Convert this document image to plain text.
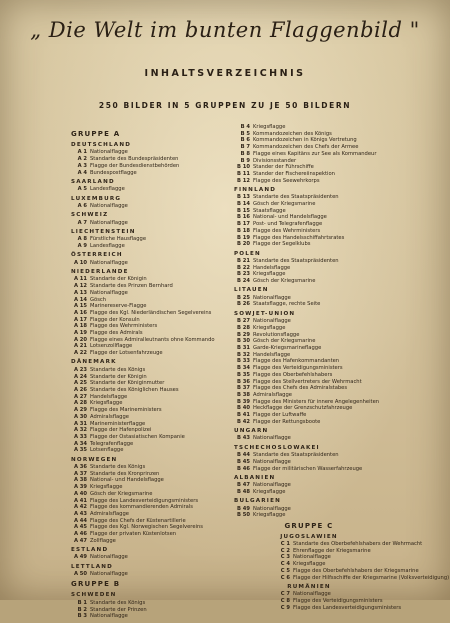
„ Die Welt im bunten Flaggenbild "
INHALTSVERZEICHNIS
250 BILDER IN 5 GRUPPEN ZU JE 50 BILDERN
GRUPPE A
DEUTSCHLAND
A 1 Nationalflagge
A 2 Standarte des Bundespräsidenten
A 3 Flagge der Bundesdienstbehörden
A 4 Bundespostflagge
SAARLAND
A 5 Landesflagge
LUXEMBURG
A 6 Nationalflagge
SCHWEIZ
A 7 Nationalflagge
LIECHTENSTEIN
A 8 Fürstliche Hausflagge
A 9 Landesflagge
ÖSTERREICH
A 10 Nationalflagge
NIEDERLANDE
A 11 Standarte der Königin
A 12 Standarte des Prinzen Bernhard
A 13 Nationalflagge
A 14 Gösch
A 15 Marinereserve-Flagge
A 16 Flagge des Kgl. Niederländischen Segelvereins
A 17 Flagge der Konsuln
A 18 Flagge des Wehrministers
A 19 Flagge des Admirals
A 20 Flagge eines Admiralleutnants ohne Kommando
A 21 Lotsenzollflagge
A 22 Flagge der Lotsenfahrzeuge
DÄNEMARK
A 23 Standarte des Königs
A 24 Standarte der Königin
A 25 Standarte der Königinmutter
A 26 Standarte des Königlichen Hauses
A 27 Handelsflagge
A 28 Kriegsflagge
A 29 Flagge des Marineministers
A 30 Admiralsflagge
A 31 Marineministerflagge
A 32 Flagge der Hafenpolizei
A 33 Flagge der Ostasiatischen Kompanie
A 34 Telegrafenflagge
A 35 Lotsenflagge
NORWEGEN
A 36 Standarte des Königs
A 37 Standarte des Kronprinzen
A 38 National- und Handelsflagge
A 39 Kriegsflagge
A 40 Gösch der Kriegsmarine
A 41 Flagge des Landesverteidigungsministers
A 42 Flagge des kommandierenden Admirals
A 43 Admiralsflagge
A 44 Flagge des Chefs der Küstenartillerie
A 45 Flagge des Kgl. Norwegischen Segelvereins
A 46 Flagge der privaten Küstenlotsen
A 47 Zollflagge
ESTLAND
A 49 Nationalflagge
LETTLAND
A 50 Nationalflagge
GRUPPE B
SCHWEDEN
B 1 Standarte des Königs
B 2 Standarte der Prinzen
B 3 Nationalflagge
B 4 Kriegsflagge
B 5 Kommandozeichen des Königs
B 6 Kommandozeichen in Königs Vertretung
B 7 Kommandozeichen des Chefs der Armee
B 8 Flagge eines Kapitäns zur See als Kommandeur
B 9 Divisionsstander
B 10 Stander der Führschiffe
B 11 Stander der Fischereiinspektion
B 12 Flagge des Seewehrkorps
FINNLAND
B 13 Standarte des Staatspräsidenten
B 14 Gösch der Kriegsmarine
B 15 Staatsflagge
B 16 National- und Handelsflagge
B 17 Post- und Telegrafenflagge
B 18 Flagge des Wehrministers
B 19 Flagge des Handelsschiffahrtsrates
B 20 Flagge der Segelklubs
POLEN
B 21 Standarte des Staatspräsidenten
B 22 Handelsflagge
B 23 Kriegsflagge
B 24 Gösch der Kriegsmarine
LITAUEN
B 25 Nationalflagge
B 26 Staatsflagge, rechte Seite
SOWJET-UNION
B 27 Nationalflagge
B 28 Kriegsflagge
B 29 Revolutionsflagge
B 30 Gösch der Kriegsmarine
B 31 Garde-Kriegsmarineflagge
B 32 Handelsflagge
B 33 Flagge des Hafenkommandanten
B 34 Flagge des Verteidigungsministers
B 35 Flagge des Oberbefehlshabers
B 36 Flagge des Stellvertreters der Wehrmacht
B 37 Flagge des Chefs des Admiralstabes
B 38 Admiralsflagge
B 39 Flagge des Ministers für innere Angelegenheiten
B 40 Heckflagge der Grenzschutzfahrzeuge
B 41 Flagge der Luftwaffe
B 42 Flagge der Rettungsboote
UNGARN
B 43 Nationalflagge
TSCHECHOSLOWAKEI
B 44 Standarte des Staatspräsidenten
B 45 Nationalflagge
B 46 Flagge der militärischen Wasserfahrzeuge
ALBANIEN
B 47 Nationalflagge
B 48 Kriegsflagge
BULGARIEN
B 49 Nationalflagge
B 50 Kriegsflagge
GRUPPE C
JUGOSLAWIEN
C 1 Standarte des Oberbefehlshabers der Wehrmacht
C 2 Ehrenflagge der Kriegsmarine
C 3 Nationalflagge
C 4 Kriegsflagge
C 5 Flagge des Oberbefehlshabers der Kriegsmarine
C 6 Flagge der Hilfsschiffe der Kriegsmarine (Volksverteidigung)
RUMÄNIEN
C 7 Nationalflagge
C 8 Flagge des Verteidigungsministers
C 9 Flagge des Landesverteidigungsministers
